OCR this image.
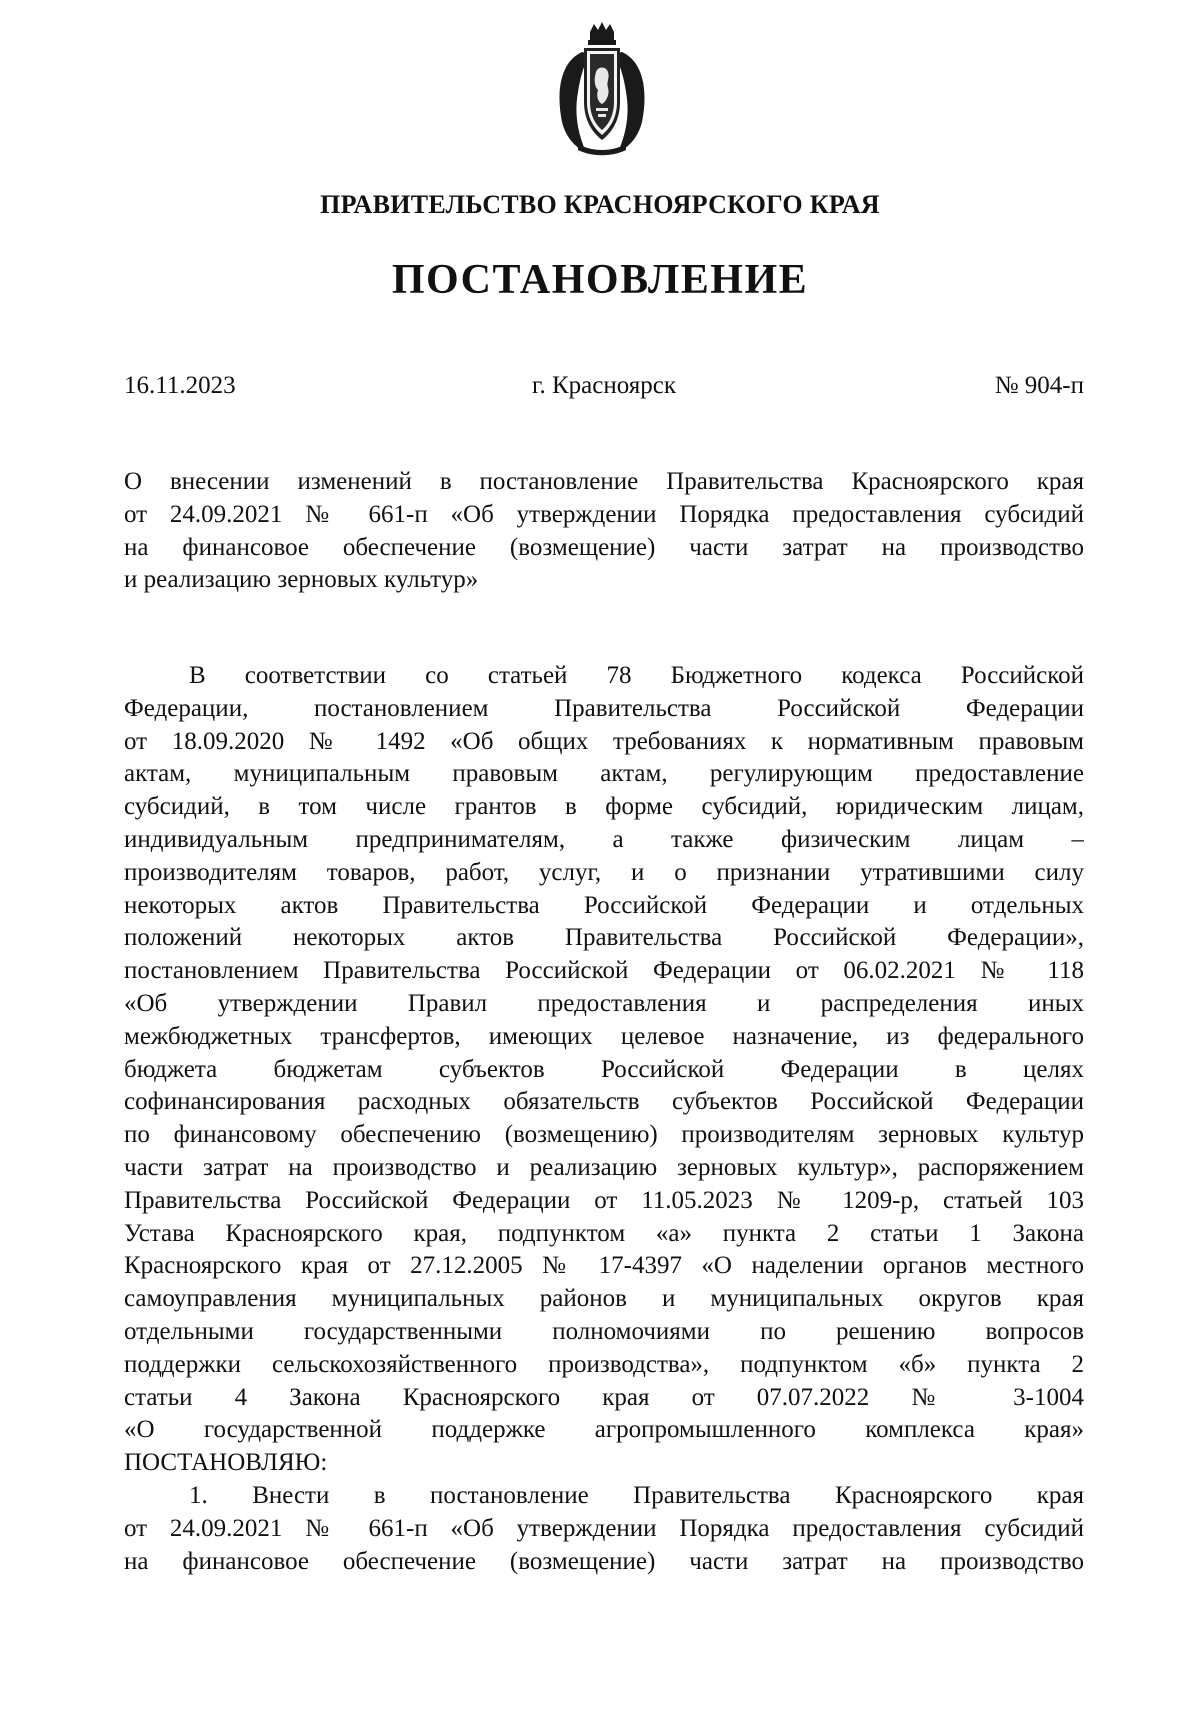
ПРАВИТЕЛЬСТВО КРАСНОЯРСКОГО КРАЯ
ПОСТАНОВЛЕНИЕ
г. Красноярск
16.11.2023	№ 904-п
О внесении изменений в постановление Правительства Красноярского края
от 24.09.2021 № 661-п «Об утверждении Порядка предоставления субсидий
на финансовое обеспечение (возмещение) части затрат на производство
и реализацию зерновых культур»
В соответствии со статьей 78 Бюджетного кодекса Российской
Федерации, постановлением Правительства Российской Федерации
от 18.09.2020 № 1492 «Об общих требованиях к нормативным правовым
актам, муниципальным правовым актам, регулирующим предоставление
субсидий, в том числе грантов в форме субсидий, юридическим лицам,
индивидуальным предпринимателям, а также физическим лицам –
производителям товаров, работ, услуг, и о признании утратившими силу
некоторых актов Правительства Российской Федерации и отдельных
положений некоторых актов Правительства Российской Федерации»,
постановлением Правительства Российской Федерации от 06.02.2021 № 118
«Об утверждении Правил предоставления и распределения иных
межбюджетных трансфертов, имеющих целевое назначение, из федерального
бюджета бюджетам субъектов Российской Федерации в целях
софинансирования расходных обязательств субъектов Российской Федерации
по финансовому обеспечению (возмещению) производителям зерновых культур
части затрат на производство и реализацию зерновых культур», распоряжением
Правительства Российской Федерации от 11.05.2023 № 1209-р, статьей 103
Устава Красноярского края, подпунктом «а» пункта 2 статьи 1 Закона
Красноярского края от 27.12.2005 № 17-4397 «О наделении органов местного
самоуправления муниципальных районов и муниципальных округов края
отдельными государственными полномочиями по решению вопросов
поддержки сельскохозяйственного производства», подпунктом «б» пункта 2
статьи 4 Закона Красноярского края от 07.07.2022 № 3-1004
«О государственной поддержке агропромышленного комплекса края»
ПОСТАНОВЛЯЮ:
1. Внести в постановление Правительства Красноярского края
от 24.09.2021 № 661-п «Об утверждении Порядка предоставления субсидий
на финансовое обеспечение (возмещение) части затрат на производство
